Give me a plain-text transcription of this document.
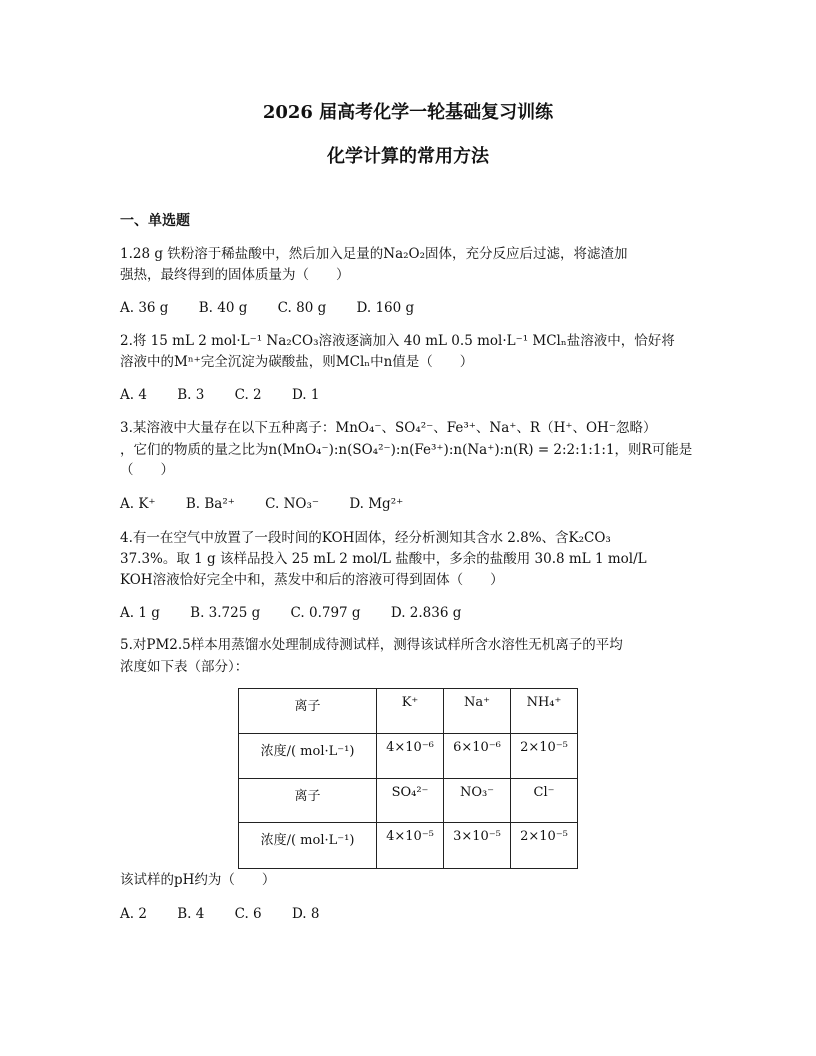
2026 届高考化学一轮基础复习训练
化学计算的常用方法
一、单选题
1.28 g 铁粉溶于稀盐酸中，然后加入足量的Na₂O₂固体，充分反应后过滤，将滤渣加
强热，最终得到的固体质量为（　　）
A. 36 g B. 40 g C. 80 g D. 160 g
2.将 15 mL 2 mol·L⁻¹ Na₂CO₃溶液逐滴加入 40 mL 0.5 mol·L⁻¹ MClₙ盐溶液中，恰好将
溶液中的Mⁿ⁺完全沉淀为碳酸盐，则MClₙ中n值是（　　）
A. 4 B. 3 C. 2 D. 1
3.某溶液中大量存在以下五种离子：MnO₄⁻、SO₄²⁻、Fe³⁺、Na⁺、R（H⁺、OH⁻忽略）
，它们的物质的量之比为n(MnO₄⁻):n(SO₄²⁻):n(Fe³⁺):n(Na⁺):n(R) = 2:2:1:1:1，则R可能是
（　　）
A. K⁺ B. Ba²⁺ C. NO₃⁻ D. Mg²⁺
4.有一在空气中放置了一段时间的KOH固体，经分析测知其含水 2.8%、含K₂CO₃
37.3%。取 1 g 该样品投入 25 mL 2 mol/L 盐酸中，多余的盐酸用 30.8 mL 1 mol/L
KOH溶液恰好完全中和，蒸发中和后的溶液可得到固体（　　）
A. 1 g B. 3.725 g C. 0.797 g D. 2.836 g
5.对PM2.5样本用蒸馏水处理制成待测试样，测得该试样所含水溶性无机离子的平均
浓度如下表（部分）：
离子	K⁺	Na⁺	NH₄⁺
浓度/( mol·L⁻¹)	4×10⁻⁶	6×10⁻⁶	2×10⁻⁵
离子	SO₄²⁻	NO₃⁻	Cl⁻
浓度/( mol·L⁻¹)	4×10⁻⁵	3×10⁻⁵	2×10⁻⁵
该试样的pH约为（　　）
A. 2 B. 4 C. 6 D. 8
